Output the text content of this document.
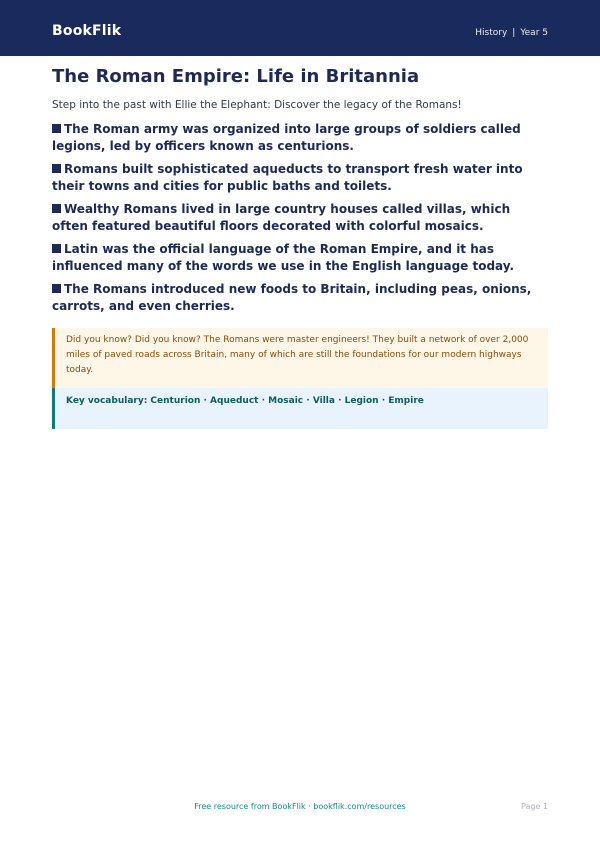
BookFlik	History | Year 5
The Roman Empire: Life in Britannia

Step into the past with Ellie the Elephant: Discover the legacy of the Romans!

The Roman army was organized into large groups of soldiers called legions, led by officers known as centurions.
Romans built sophisticated aqueducts to transport fresh water into their towns and cities for public baths and toilets.
Wealthy Romans lived in large country houses called villas, which often featured beautiful floors decorated with colorful mosaics.
Latin was the official language of the Roman Empire, and it has influenced many of the words we use in the English language today.
The Romans introduced new foods to Britain, including peas, onions, carrots, and even cherries.
Did you know? Did you know? The Romans were master engineers! They built a network of over 2,000 miles of paved roads across Britain, many of which are still the foundations for our modern highways today.
Key vocabulary: Centurion · Aqueduct · Mosaic · Villa · Legion · Empire
Free resource from BookFlik · bookflik.com/resources	Page 1
